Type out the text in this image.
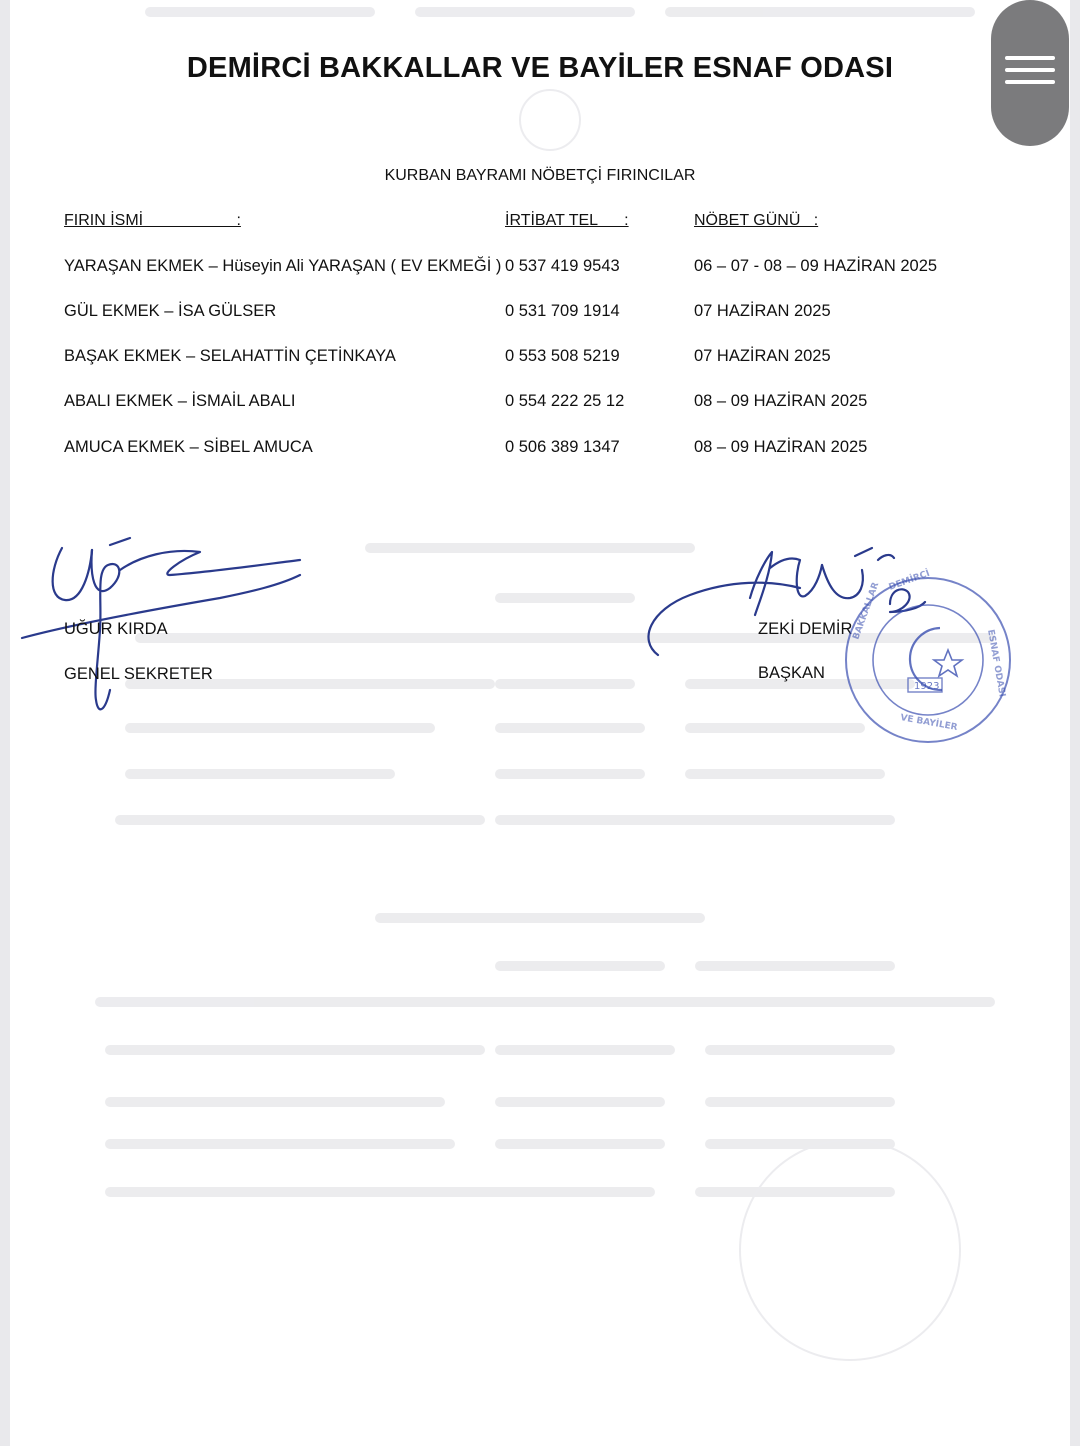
DEMİRCİ BAKKALLAR VE BAYİLER ESNAF ODASI
KURBAN BAYRAMI NÖBETÇİ FIRINCILAR
FIRIN İSMİ                     :	İRTİBAT TEL      :	NÖBET GÜNÜ   :
YARAŞAN EKMEK – Hüseyin Ali YARAŞAN ( EV EKMEĞİ ) 0 537 419 9543	06 – 07 - 08 – 09 HAZİRAN 2025
GÜL EKMEK – İSA GÜLSER	0 531 709 1914	07 HAZİRAN 2025
BAŞAK EKMEK – SELAHATTİN ÇETİNKAYA	0 553 508 5219	07 HAZİRAN 2025
ABALI EKMEK – İSMAİL ABALI	0 554 222 25 12	08 – 09 HAZİRAN 2025
AMUCA EKMEK – SİBEL AMUCA	0 506 389 1347	08 – 09 HAZİRAN 2025
UĞUR KIRDA
GENEL SEKRETER
ZEKİ DEMİR
BAŞKAN
1923
BAKKALLAR
VE BAYİLER
ESNAF ODASI
DEMİRCİ
